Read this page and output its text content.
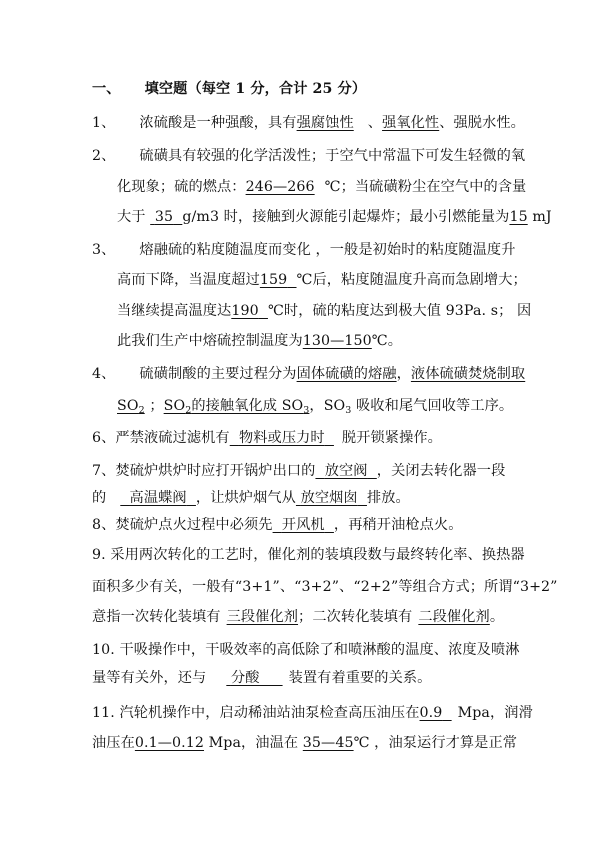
一、 填空题（每空 1 分，合计 25 分）
1、 浓硫酸是一种强酸，具有强腐蚀性 、强氧化性、强脱水性。
2、 硫磺具有较强的化学活泼性；于空气中常温下可发生轻微的氧
化现象；硫的燃点：246—266 ℃；当硫磺粉尘在空气中的含量
大于 35 g/m3 时，接触到火源能引起爆炸；最小引燃能量为15 mJ
3、 熔融硫的粘度随温度而变化 ，一般是初始时的粘度随温度升
高而下降，当温度超过159 ℃后，粘度随温度升高而急剧增大；
当继续提高温度达190 ℃时，硫的粘度达到极大值 93Pa. s； 因
此我们生产中熔硫控制温度为130—150℃。
4、 硫磺制酸的主要过程分为固体硫磺的熔融，液体硫磺焚烧制取
$SO_2$ ；$SO_2$的接触氧化成 $SO_3$，$SO_3$ 吸收和尾气回收等工序。
6、严禁液硫过滤机有 物料或压力时 脱开锁紧操作。
7、焚硫炉烘炉时应打开锅炉出口的 放空阀 ，关闭去转化器一段
的 高温蝶阀 ，让烘炉烟气从 放空烟囱 排放。
8、焚硫炉点火过程中必须先 开风机 ，再稍开油枪点火。
9. 采用两次转化的工艺时，催化剂的装填段数与最终转化率、换热器
面积多少有关，一般有“3+1”、“3+2”、“2+2”等组合方式；所谓“3+2”
意指一次转化装填有 三段催化剂；二次转化装填有 二段催化剂。
10. 干吸操作中，干吸效率的高低除了和喷淋酸的温度、浓度及喷淋
量等有关外，还与 分酸 装置有着重要的关系。
11. 汽轮机操作中，启动稀油站油泵检查高压油压在0.9 Mpa，润滑
油压在0.1—0.12 Mpa，油温在 35—45℃ ，油泵运行才算是正常
